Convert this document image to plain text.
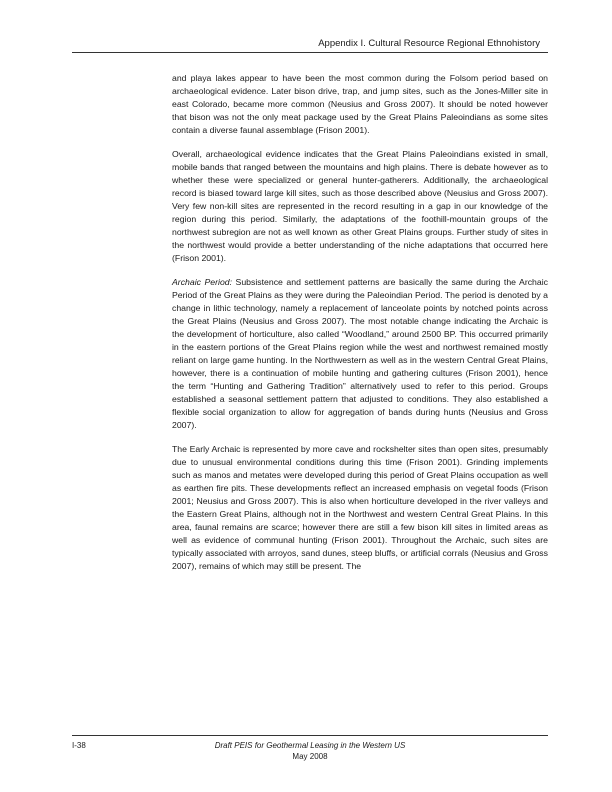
Appendix I. Cultural Resource Regional Ethnohistory

and playa lakes appear to have been the most common during the Folsom period based on archaeological evidence. Later bison drive, trap, and jump sites, such as the Jones-Miller site in east Colorado, became more common (Neusius and Gross 2007). It should be noted however that bison was not the only meat package used by the Great Plains Paleoindians as some sites contain a diverse faunal assemblage (Frison 2001).

Overall, archaeological evidence indicates that the Great Plains Paleoindians existed in small, mobile bands that ranged between the mountains and high plains. There is debate however as to whether these were specialized or general hunter-gatherers. Additionally, the archaeological record is biased toward large kill sites, such as those described above (Neusius and Gross 2007). Very few non-kill sites are represented in the record resulting in a gap in our knowledge of the region during this period. Similarly, the adaptations of the foothill-mountain groups of the northwest subregion are not as well known as other Great Plains groups. Further study of sites in the northwest would provide a better understanding of the niche adaptations that occurred here (Frison 2001).

Archaic Period: Subsistence and settlement patterns are basically the same during the Archaic Period of the Great Plains as they were during the Paleoindian Period. The period is denoted by a change in lithic technology, namely a replacement of lanceolate points by notched points across the Great Plains (Neusius and Gross 2007). The most notable change indicating the Archaic is the development of horticulture, also called “Woodland,” around 2500 BP. This occurred primarily in the eastern portions of the Great Plains region while the west and northwest remained mostly reliant on large game hunting. In the Northwestern as well as in the western Central Great Plains, however, there is a continuation of mobile hunting and gathering cultures (Frison 2001), hence the term “Hunting and Gathering Tradition” alternatively used to refer to this period. Groups established a seasonal settlement pattern that adjusted to conditions. They also established a flexible social organization to allow for aggregation of bands during hunts (Neusius and Gross 2007).

The Early Archaic is represented by more cave and rockshelter sites than open sites, presumably due to unusual environmental conditions during this time (Frison 2001). Grinding implements such as manos and metates were developed during this period of Great Plains occupation as well as earthen fire pits. These developments reflect an increased emphasis on vegetal foods (Frison 2001; Neusius and Gross 2007). This is also when horticulture developed in the river valleys and the Eastern Great Plains, although not in the Northwest and western Central Great Plains. In this area, faunal remains are scarce; however there are still a few bison kill sites in limited areas as well as evidence of communal hunting (Frison 2001). Throughout the Archaic, such sites are typically associated with arroyos, sand dunes, steep bluffs, or artificial corrals (Neusius and Gross 2007), remains of which may still be present. The

I-38	Draft PEIS for Geothermal Leasing in the Western US
May 2008
